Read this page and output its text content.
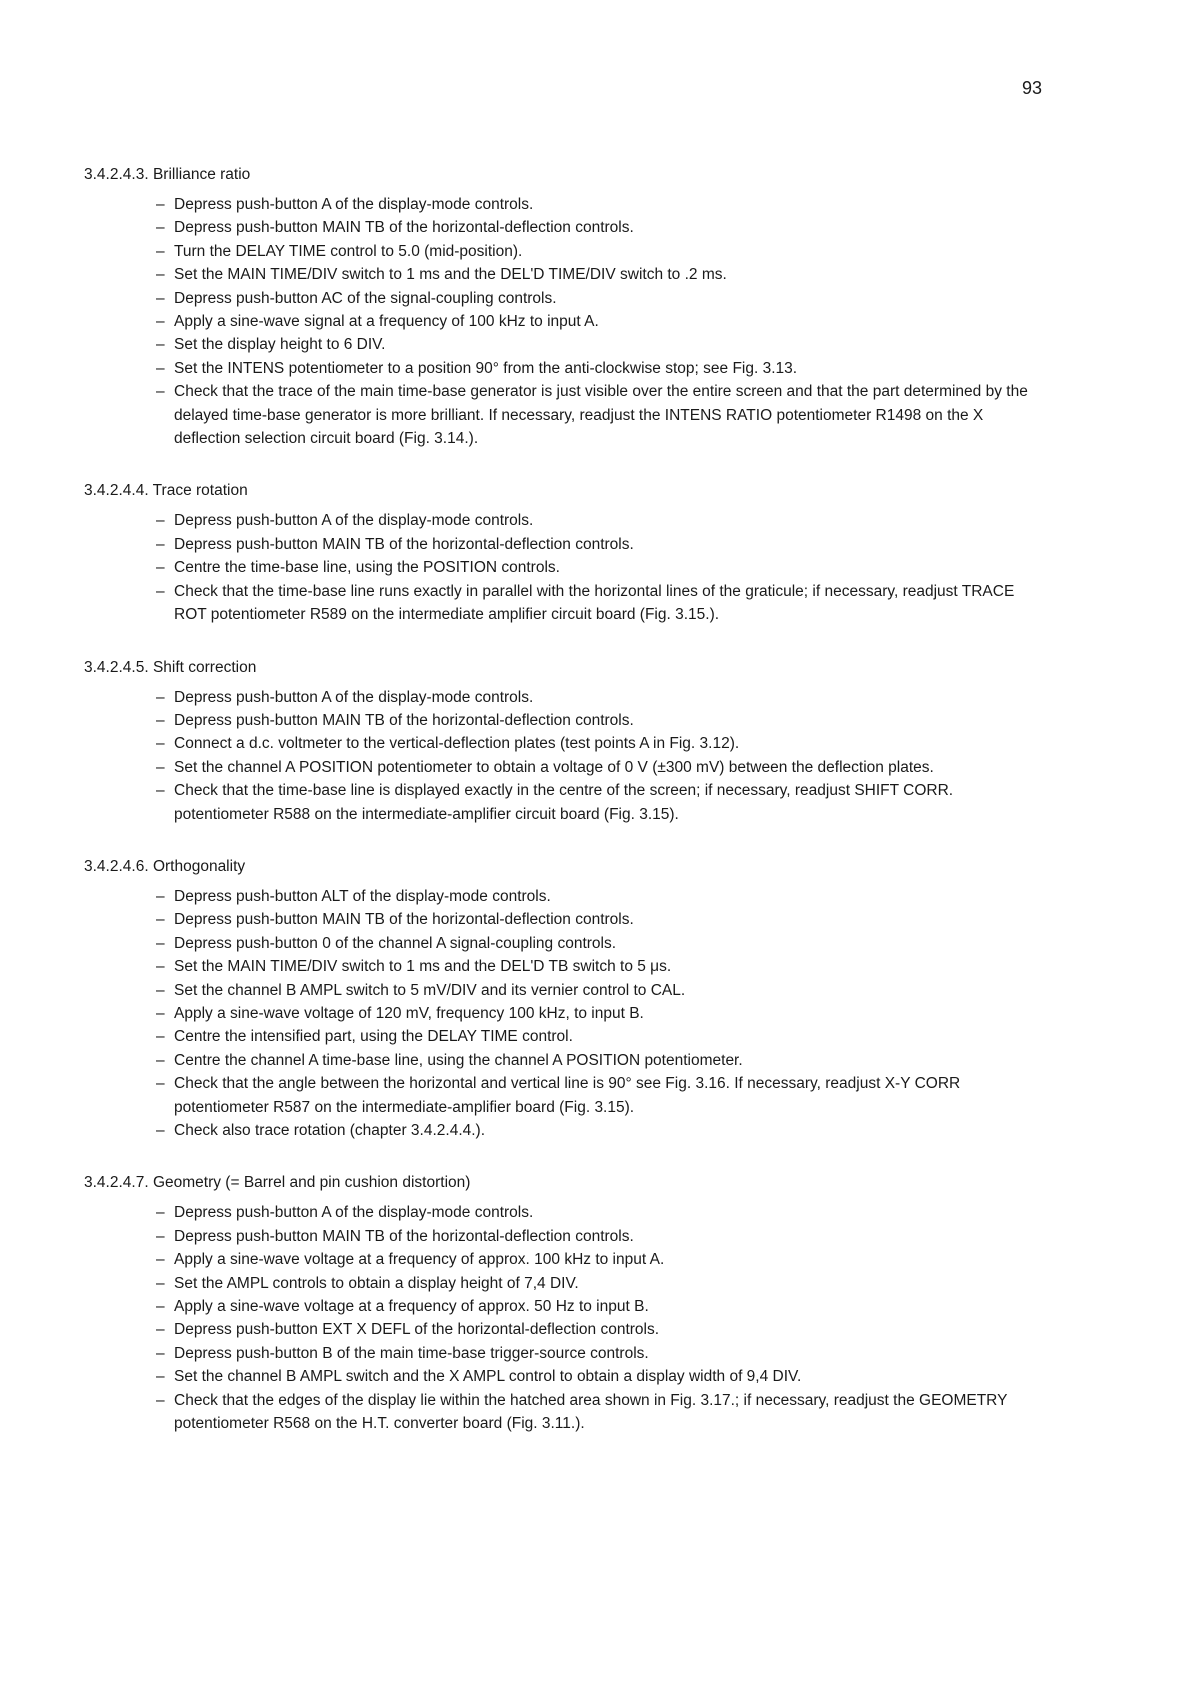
93
3.4.2.4.3. Brilliance ratio
– Depress push-button A of the display-mode controls.
– Depress push-button MAIN TB of the horizontal-deflection controls.
– Turn the DELAY TIME control to 5.0 (mid-position).
– Set the MAIN TIME/DIV switch to 1 ms and the DEL'D TIME/DIV switch to .2 ms.
– Depress push-button AC of the signal-coupling controls.
– Apply a sine-wave signal at a frequency of 100 kHz to input A.
– Set the display height to 6 DIV.
– Set the INTENS potentiometer to a position 90° from the anti-clockwise stop; see Fig. 3.13.
– Check that the trace of the main time-base generator is just visible over the entire screen and that the part determined by the delayed time-base generator is more brilliant. If necessary, readjust the INTENS RATIO potentiometer R1498 on the X deflection selection circuit board (Fig. 3.14.).
3.4.2.4.4. Trace rotation
– Depress push-button A of the display-mode controls.
– Depress push-button MAIN TB of the horizontal-deflection controls.
– Centre the time-base line, using the POSITION controls.
– Check that the time-base line runs exactly in parallel with the horizontal lines of the graticule; if necessary, readjust TRACE ROT potentiometer R589 on the intermediate amplifier circuit board (Fig. 3.15.).
3.4.2.4.5. Shift correction
– Depress push-button A of the display-mode controls.
– Depress push-button MAIN TB of the horizontal-deflection controls.
– Connect a d.c. voltmeter to the vertical-deflection plates (test points A in Fig. 3.12).
– Set the channel A POSITION potentiometer to obtain a voltage of 0 V (±300 mV) between the deflection plates.
– Check that the time-base line is displayed exactly in the centre of the screen; if necessary, readjust SHIFT CORR. potentiometer R588 on the intermediate-amplifier circuit board (Fig. 3.15).
3.4.2.4.6. Orthogonality
– Depress push-button ALT of the display-mode controls.
– Depress push-button MAIN TB of the horizontal-deflection controls.
– Depress push-button 0 of the channel A signal-coupling controls.
– Set the MAIN TIME/DIV switch to 1 ms and the DEL'D TB switch to 5 μs.
– Set the channel B AMPL switch to 5 mV/DIV and its vernier control to CAL.
– Apply a sine-wave voltage of 120 mV, frequency 100 kHz, to input B.
– Centre the intensified part, using the DELAY TIME control.
– Centre the channel A time-base line, using the channel A POSITION potentiometer.
– Check that the angle between the horizontal and vertical line is 90° see Fig. 3.16. If necessary, readjust X-Y CORR potentiometer R587 on the intermediate-amplifier board (Fig. 3.15).
– Check also trace rotation (chapter 3.4.2.4.4.).
3.4.2.4.7. Geometry (= Barrel and pin cushion distortion)
– Depress push-button A of the display-mode controls.
– Depress push-button MAIN TB of the horizontal-deflection controls.
– Apply a sine-wave voltage at a frequency of approx. 100 kHz to input A.
– Set the AMPL controls to obtain a display height of 7,4 DIV.
– Apply a sine-wave voltage at a frequency of approx. 50 Hz to input B.
– Depress push-button EXT X DEFL of the horizontal-deflection controls.
– Depress push-button B of the main time-base trigger-source controls.
– Set the channel B AMPL switch and the X AMPL control to obtain a display width of 9,4 DIV.
– Check that the edges of the display lie within the hatched area shown in Fig. 3.17.; if necessary, readjust the GEOMETRY potentiometer R568 on the H.T. converter board (Fig. 3.11.).
